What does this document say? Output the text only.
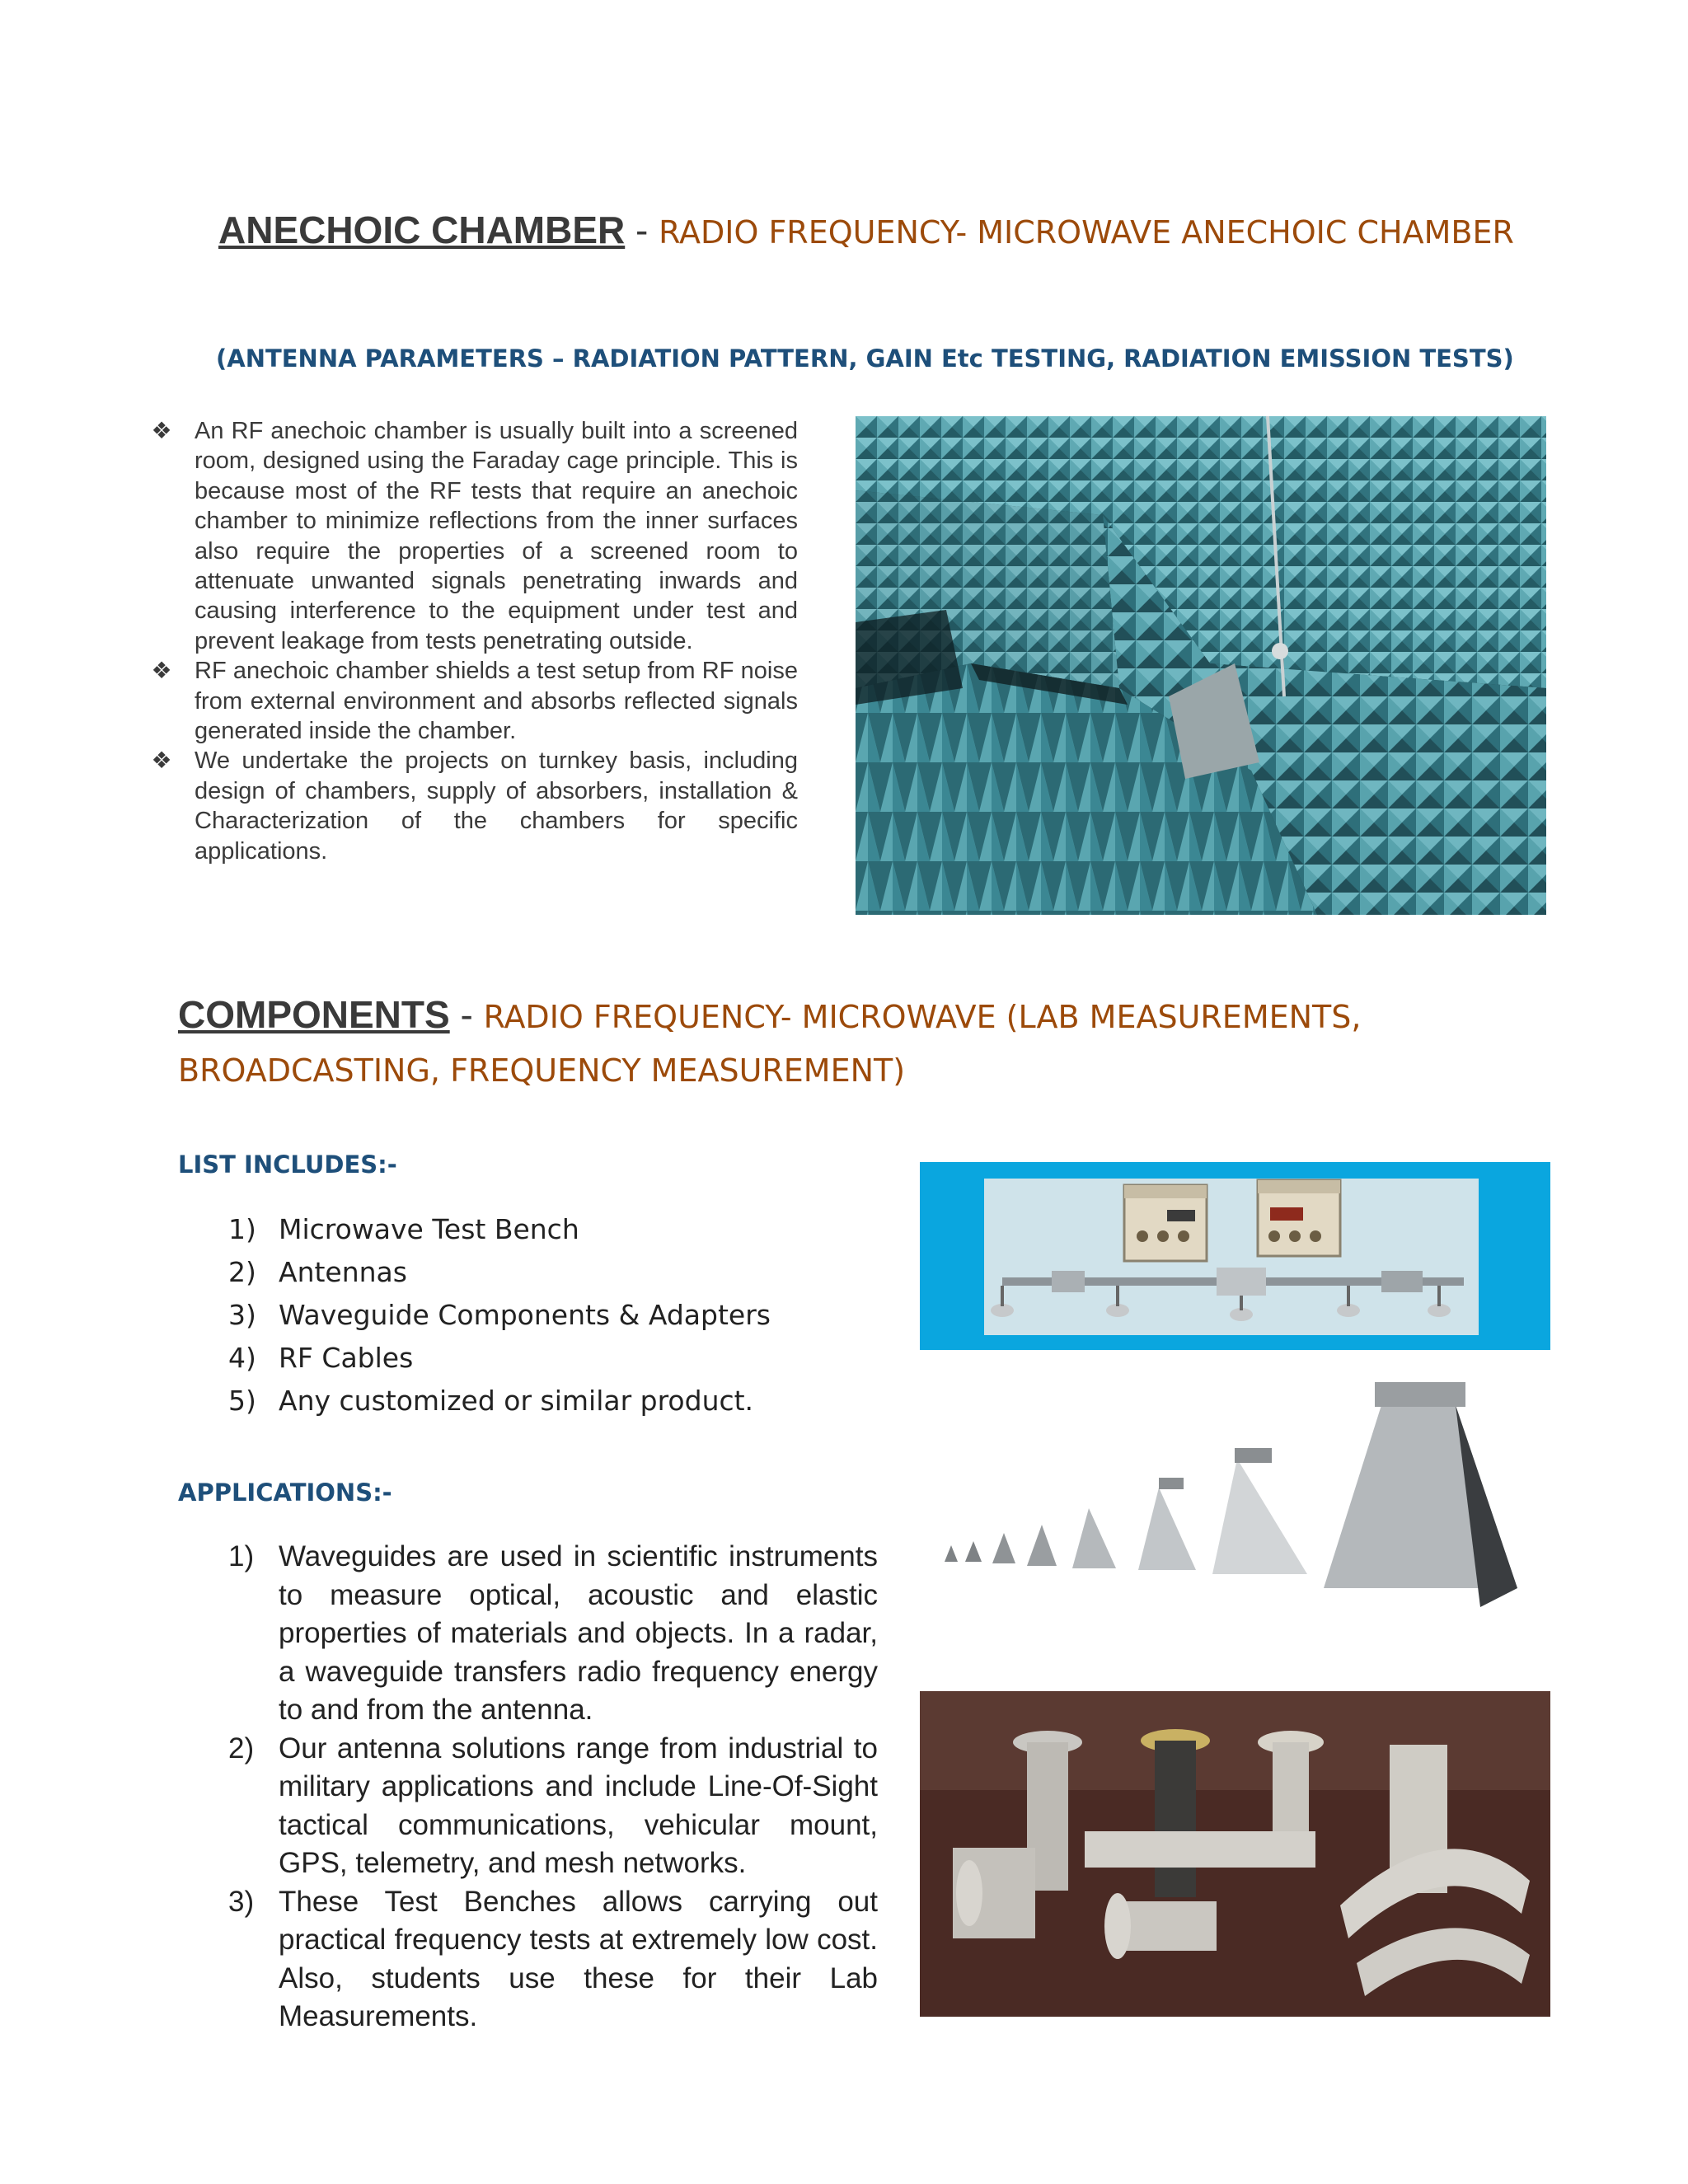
ANECHOIC CHAMBER - RADIO FREQUENCY- MICROWAVE ANECHOIC CHAMBER
(ANTENNA PARAMETERS – RADIATION PATTERN, GAIN Etc TESTING, RADIATION EMISSION TESTS)
❖ An RF anechoic chamber is usually built into a screened room, designed using the Faraday cage principle. This is because most of the RF tests that require an anechoic chamber to minimize reflections from the inner surfaces also require the properties of a screened room to attenuate unwanted signals penetrating inwards and causing interference to the equipment under test and prevent leakage from tests penetrating outside.
❖ RF anechoic chamber shields a test setup from RF noise from external environment and absorbs reflected signals generated inside the chamber.
❖ We undertake the projects on turnkey basis, including design of chambers, supply of absorbers, installation & Characterization of the chambers for specific applications.
COMPONENTS - RADIO FREQUENCY- MICROWAVE (LAB MEASUREMENTS, BROADCASTING, FREQUENCY MEASUREMENT)
LIST INCLUDES:-
1) Microwave Test Bench
2) Antennas
3) Waveguide Components & Adapters
4) RF Cables
5) Any customized or similar product.
APPLICATIONS:-
1) Waveguides are used in scientific instruments to measure optical, acoustic and elastic properties of materials and objects. In a radar, a waveguide transfers radio frequency energy to and from the antenna.
2) Our antenna solutions range from industrial to military applications and include Line-Of-Sight tactical communications, vehicular mount, GPS, telemetry, and mesh networks.
3) These Test Benches allows carrying out practical frequency tests at extremely low cost. Also, students use these for their Lab Measurements.
